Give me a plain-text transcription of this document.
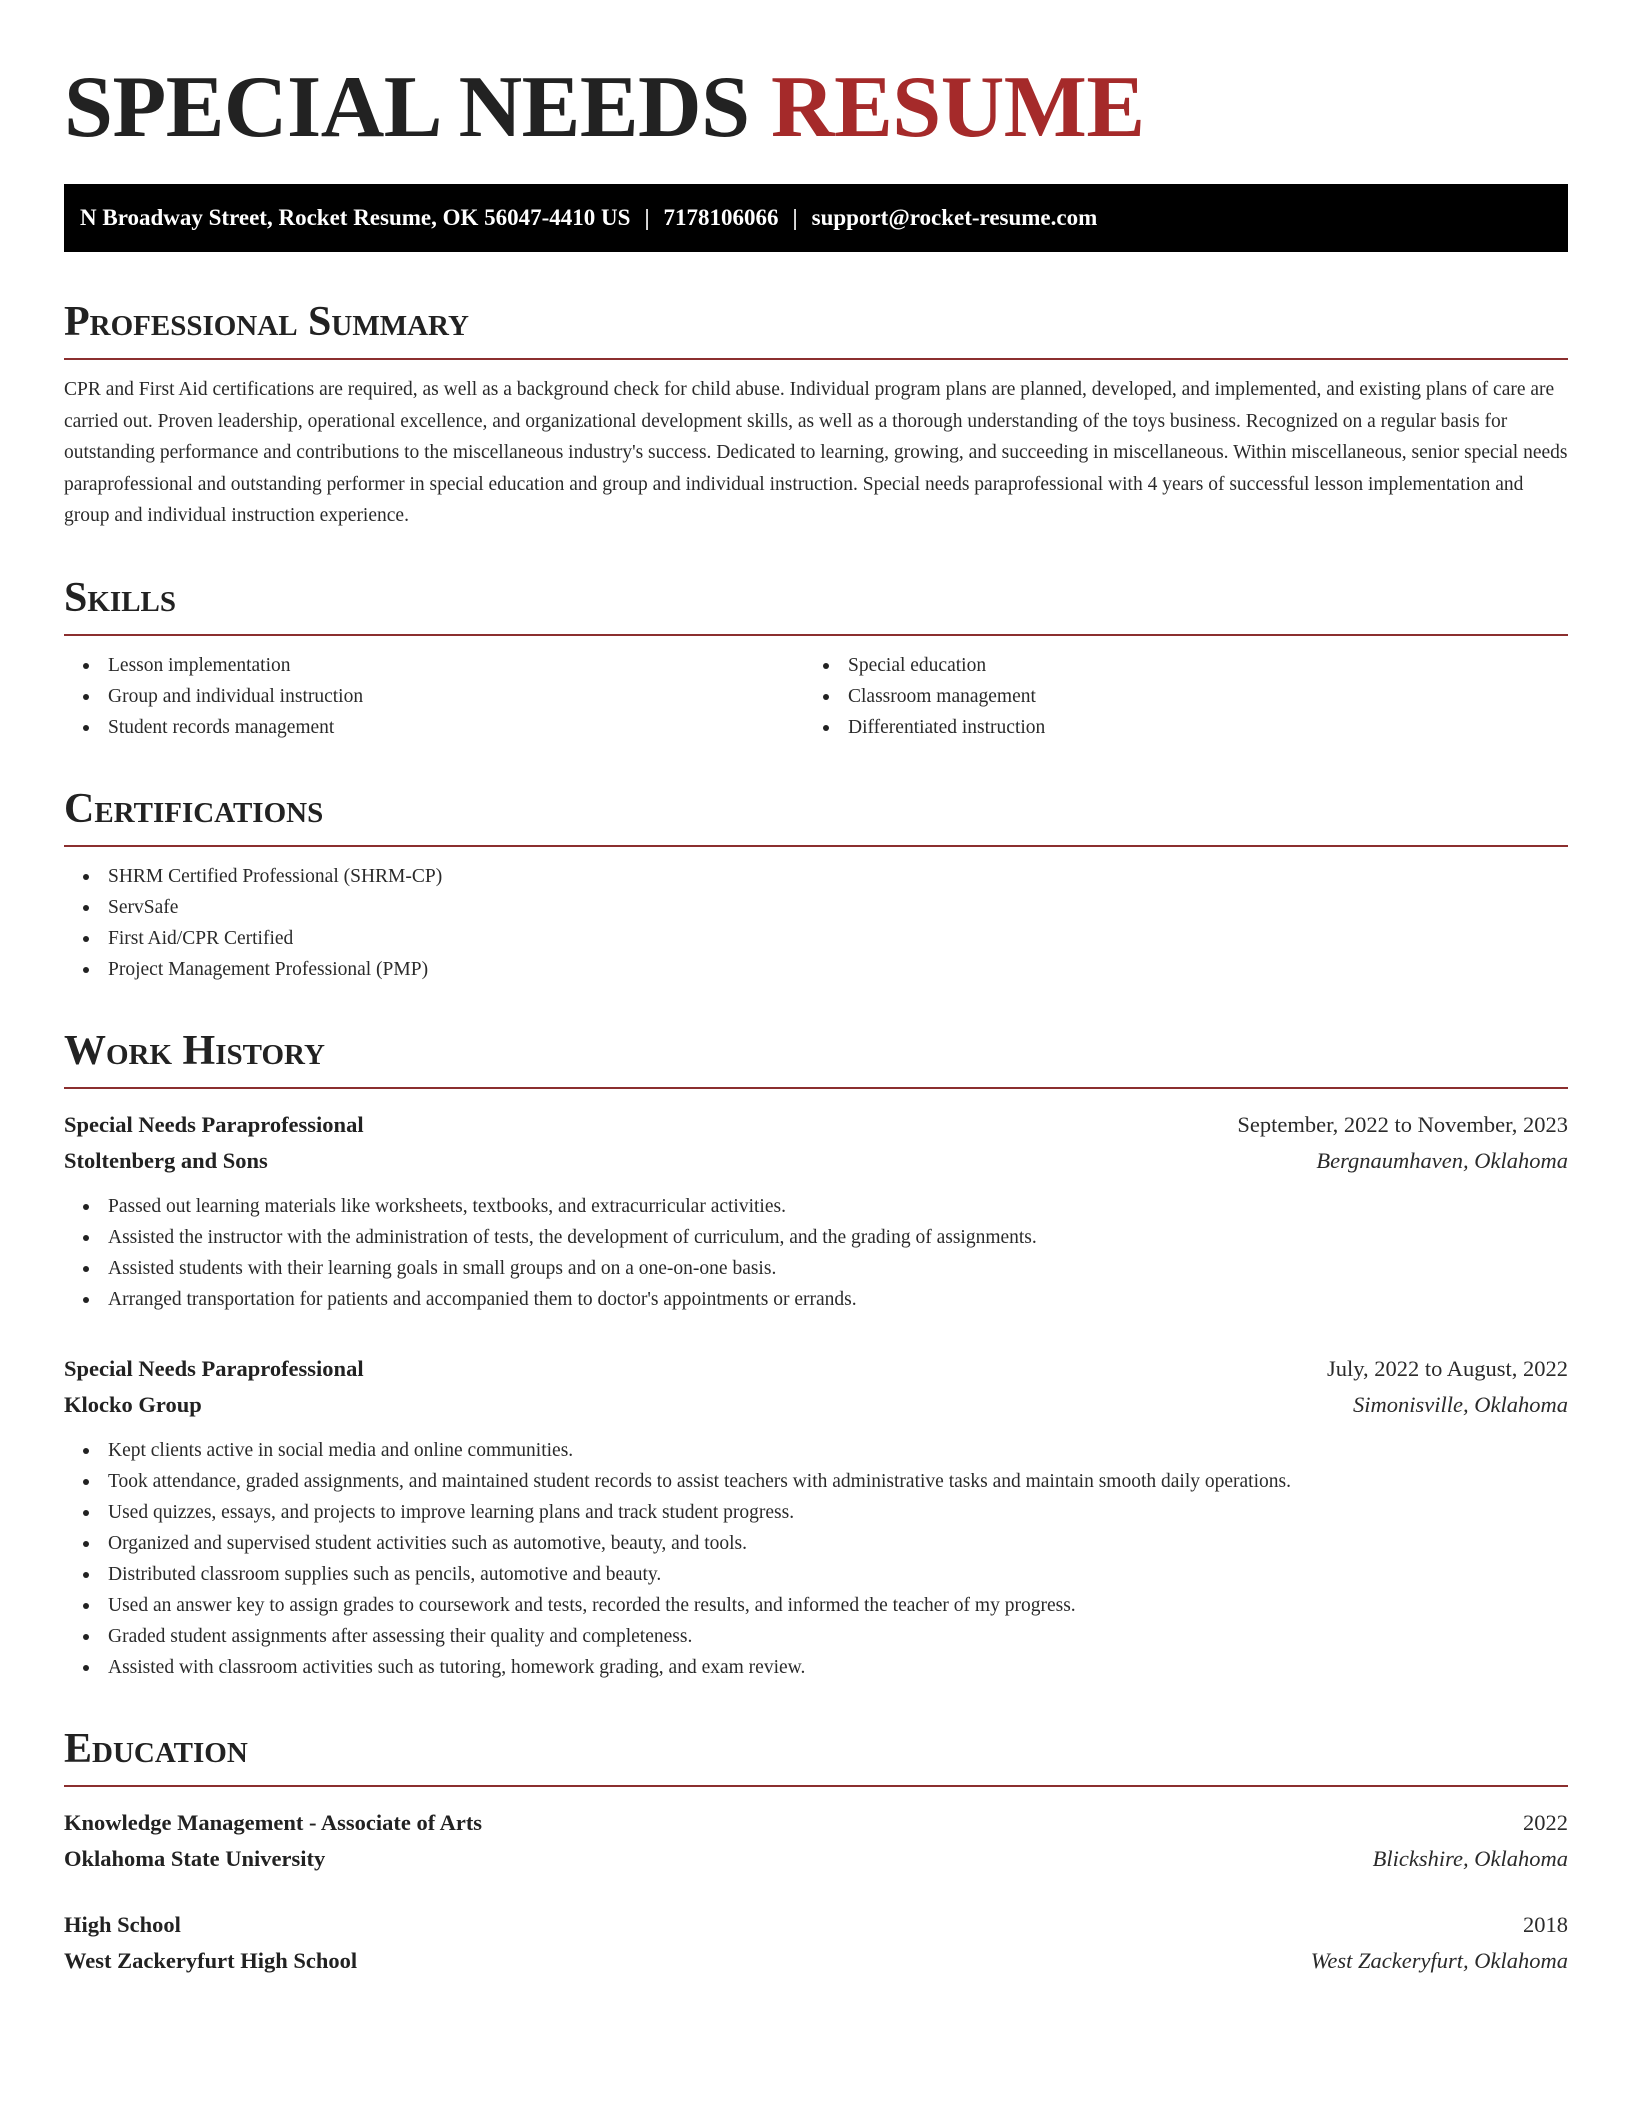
SPECIAL NEEDS RESUME
N Broadway Street, Rocket Resume, OK 56047-4410 US | 7178106066 | support@rocket-resume.com
Professional Summary

CPR and First Aid certifications are required, as well as a background check for child abuse. Individual program plans are planned, developed, and implemented, and existing plans of care are carried out. Proven leadership, operational excellence, and organizational development skills, as well as a thorough understanding of the toys business. Recognized on a regular basis for outstanding performance and contributions to the miscellaneous industry's success. Dedicated to learning, growing, and succeeding in miscellaneous. Within miscellaneous, senior special needs paraprofessional and outstanding performer in special education and group and individual instruction. Special needs paraprofessional with 4 years of successful lesson implementation and group and individual instruction experience.

Skills
Lesson implementation
Group and individual instruction
Student records management
Special education
Classroom management
Differentiated instruction
Certifications
SHRM Certified Professional (SHRM-CP)
ServSafe
First Aid/CPR Certified
Project Management Professional (PMP)
Work History
Special Needs Paraprofessional	September, 2022 to November, 2023
Stoltenberg and Sons	Bergnaumhaven, Oklahoma
Passed out learning materials like worksheets, textbooks, and extracurricular activities.
Assisted the instructor with the administration of tests, the development of curriculum, and the grading of assignments.
Assisted students with their learning goals in small groups and on a one-on-one basis.
Arranged transportation for patients and accompanied them to doctor's appointments or errands.
Special Needs Paraprofessional	July, 2022 to August, 2022
Klocko Group	Simonisville, Oklahoma
Kept clients active in social media and online communities.
Took attendance, graded assignments, and maintained student records to assist teachers with administrative tasks and maintain smooth daily operations.
Used quizzes, essays, and projects to improve learning plans and track student progress.
Organized and supervised student activities such as automotive, beauty, and tools.
Distributed classroom supplies such as pencils, automotive and beauty.
Used an answer key to assign grades to coursework and tests, recorded the results, and informed the teacher of my progress.
Graded student assignments after assessing their quality and completeness.
Assisted with classroom activities such as tutoring, homework grading, and exam review.
Education
Knowledge Management - Associate of Arts	2022
Oklahoma State University	Blickshire, Oklahoma
High School	2018
West Zackeryfurt High School	West Zackeryfurt, Oklahoma
